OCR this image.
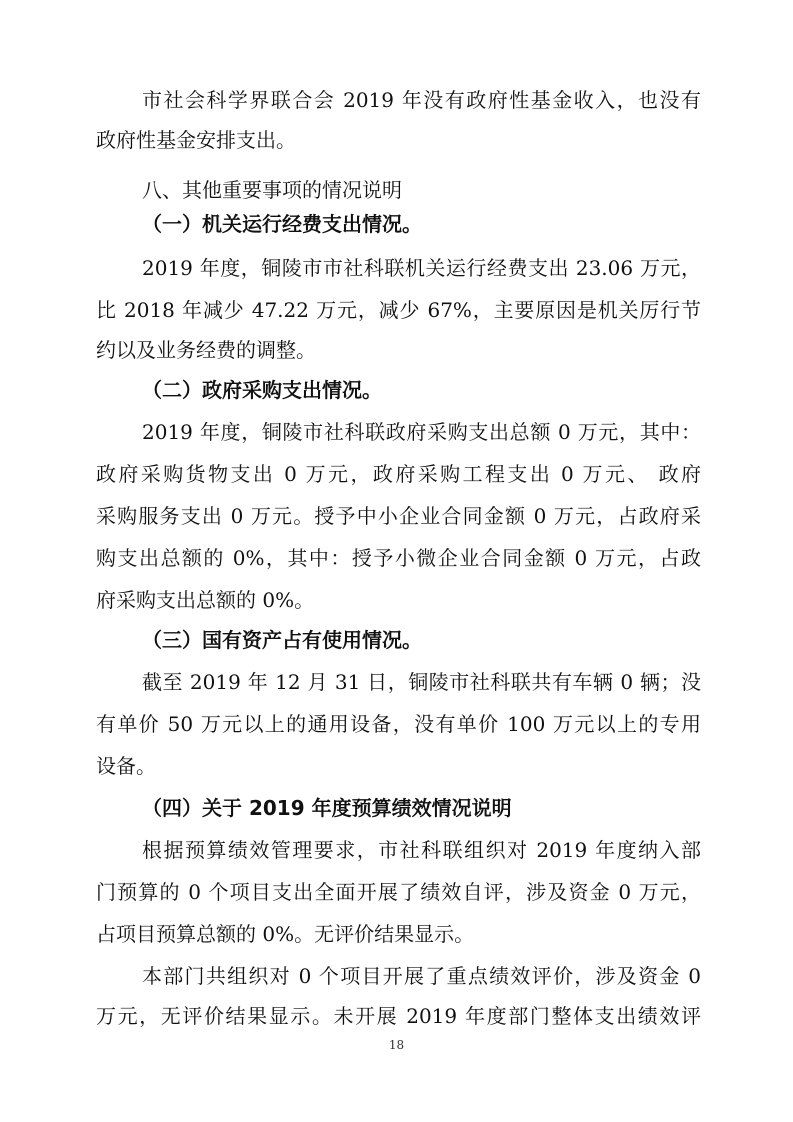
市社会科学界联合会 2019 年没有政府性基金收入，也没有
政府性基金安排支出。
八、其他重要事项的情况说明
（一）机关运行经费支出情况。
2019 年度，铜陵市市社科联机关运行经费支出 23.06 万元，
比 2018 年减少 47.22 万元，减少 67%，主要原因是机关厉行节
约以及业务经费的调整。
（二）政府采购支出情况。
2019 年度，铜陵市社科联政府采购支出总额 0 万元，其中：
政府采购货物支出 0 万元，政府采购工程支出 0 万元、 政府
采购服务支出 0 万元。授予中小企业合同金额 0 万元，占政府采
购支出总额的 0%，其中：授予小微企业合同金额 0 万元，占政
府采购支出总额的 0%。
（三）国有资产占有使用情况。
截至 2019 年 12 月 31 日，铜陵市社科联共有车辆 0 辆；没
有单价 50 万元以上的通用设备，没有单价 100 万元以上的专用
设备。
（四）关于 2019 年度预算绩效情况说明
根据预算绩效管理要求，市社科联组织对 2019 年度纳入部
门预算的 0 个项目支出全面开展了绩效自评，涉及资金 0 万元，
占项目预算总额的 0%。无评价结果显示。
本部门共组织对 0 个项目开展了重点绩效评价，涉及资金 0
万元，无评价结果显示。未开展 2019 年度部门整体支出绩效评
18
